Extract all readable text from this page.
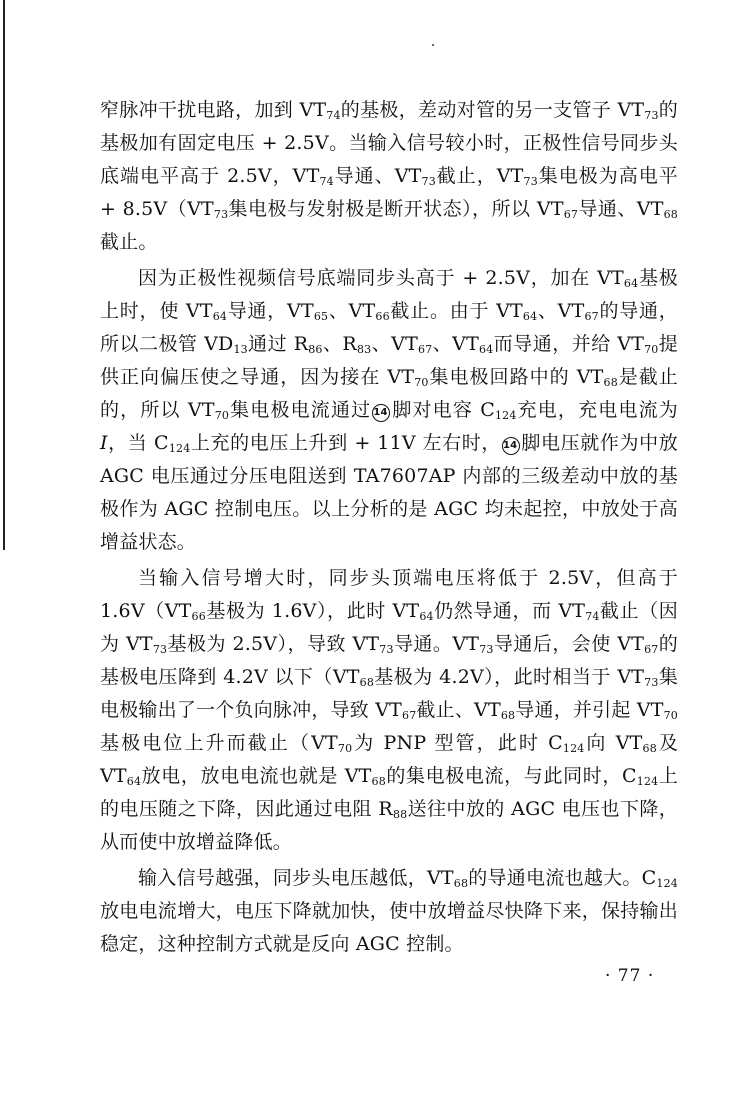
窄脉冲干扰电路，加到 $VT_{74}$的基极，差动对管的另一支管子 $VT_{73}$的基极加有固定电压 + 2.5V。当输入信号较小时，正极性信号同步头底端电平高于 2.5V，$VT_{74}$导通、$VT_{73}$截止，$VT_{73}$集电极为高电平 + $8.5V(VT_{73}$集电极与发射极是断开状态），所以 $VT_{67}$导通、$VT_{68}$截止。

因为正极性视频信号底端同步头高于 + 2.5V，加在 $VT_{64}$基极上时，使 $VT_{64}$导通，$VT_{65}$、$VT_{66}$截止。由于 $VT_{64}$、$VT_{67}$的导通，所以二极管 $VD_{13}$通过 $R_{86}$、$R_{83}$、$VT_{67}$、$VT_{64}$而导通，并给 $VT_{70}$提供正向偏压使之导通，因为接在 $VT_{70}$集电极回路中的 $VT_{68}$是截止的，所以 $VT_{70}$集电极电流通过 14 脚对电容 $C_{124}$充电，充电电流为 I，当 $C_{124}$上充的电压上升到 + 11V 左右时， 14 脚电压就作为中放 AGC 电压通过分压电阻送到 TA7607AP 内部的三级差动中放的基极作为 AGC 控制电压。以上分析的是 AGC 均未起控，中放处于高增益状态。

当输入信号增大时，同步头顶端电压将低于 2.5V，但高于 $1.6V(VT_{66}$基极为 1.6V），此时 $VT_{64}$仍然导通，而 $VT_{74}$截止（因为 $VT_{73}$基极为 2.5V），导致 $VT_{73}$导通。$VT_{73}$导通后，会使 $VT_{67}$的基极电压降到 4.2V 以下（$VT_{68}$基极为 4.2V），此时相当于 $VT_{73}$集电极输出了一个负向脉冲，导致 $VT_{67}$截止、$VT_{68}$导通，并引起 $VT_{70}$基极电位上升而截止（$VT_{70}$为 PNP 型管，此时 $C_{124}$向 $VT_{68}$及 $VT_{64}$放电，放电电流也就是 $VT_{68}$的集电极电流，与此同时，$C_{124}$上的电压随之下降，因此通过电阻 $R_{88}$送往中放的 AGC 电压也下降，从而使中放增益降低。

输入信号越强，同步头电压越低，$VT_{68}$的导通电流也越大。$C_{124}$放电电流增大，电压下降就加快，使中放增益尽快降下来，保持输出稳定，这种控制方式就是反向 AGC 控制。

· 77 ·
